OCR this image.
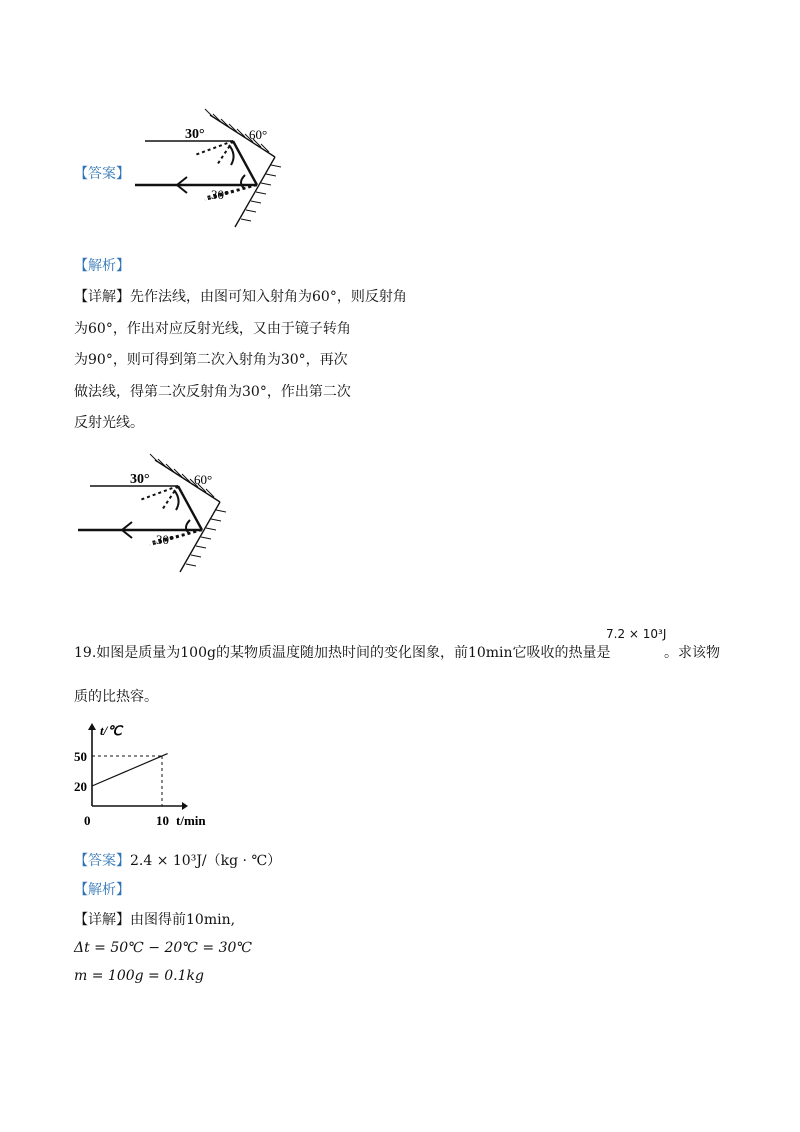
【答案】
30°	60°
30°
【解析】
【详解】先作法线，由图可知入射角为60°，则反射角
为60°，作出对应反射光线，又由于镜子转角
为90°，则可得到第二次入射角为30°，再次
做法线，得第二次反射角为30°，作出第二次
反射光线。
30°	60°
30°
19.如图是质量为100g的某物质温度随加热时间的变化图象，前10min它吸收的热量是
7.2 × 10³J
。求该物
质的比热容。
t/℃
50
20
0	10 t/min
【答案】2.4 × 10³J/（kg · ℃）
【解析】
【详解】由图得前10min,
Δt = 50℃ − 20℃ = 30℃
m = 100g = 0.1kg
